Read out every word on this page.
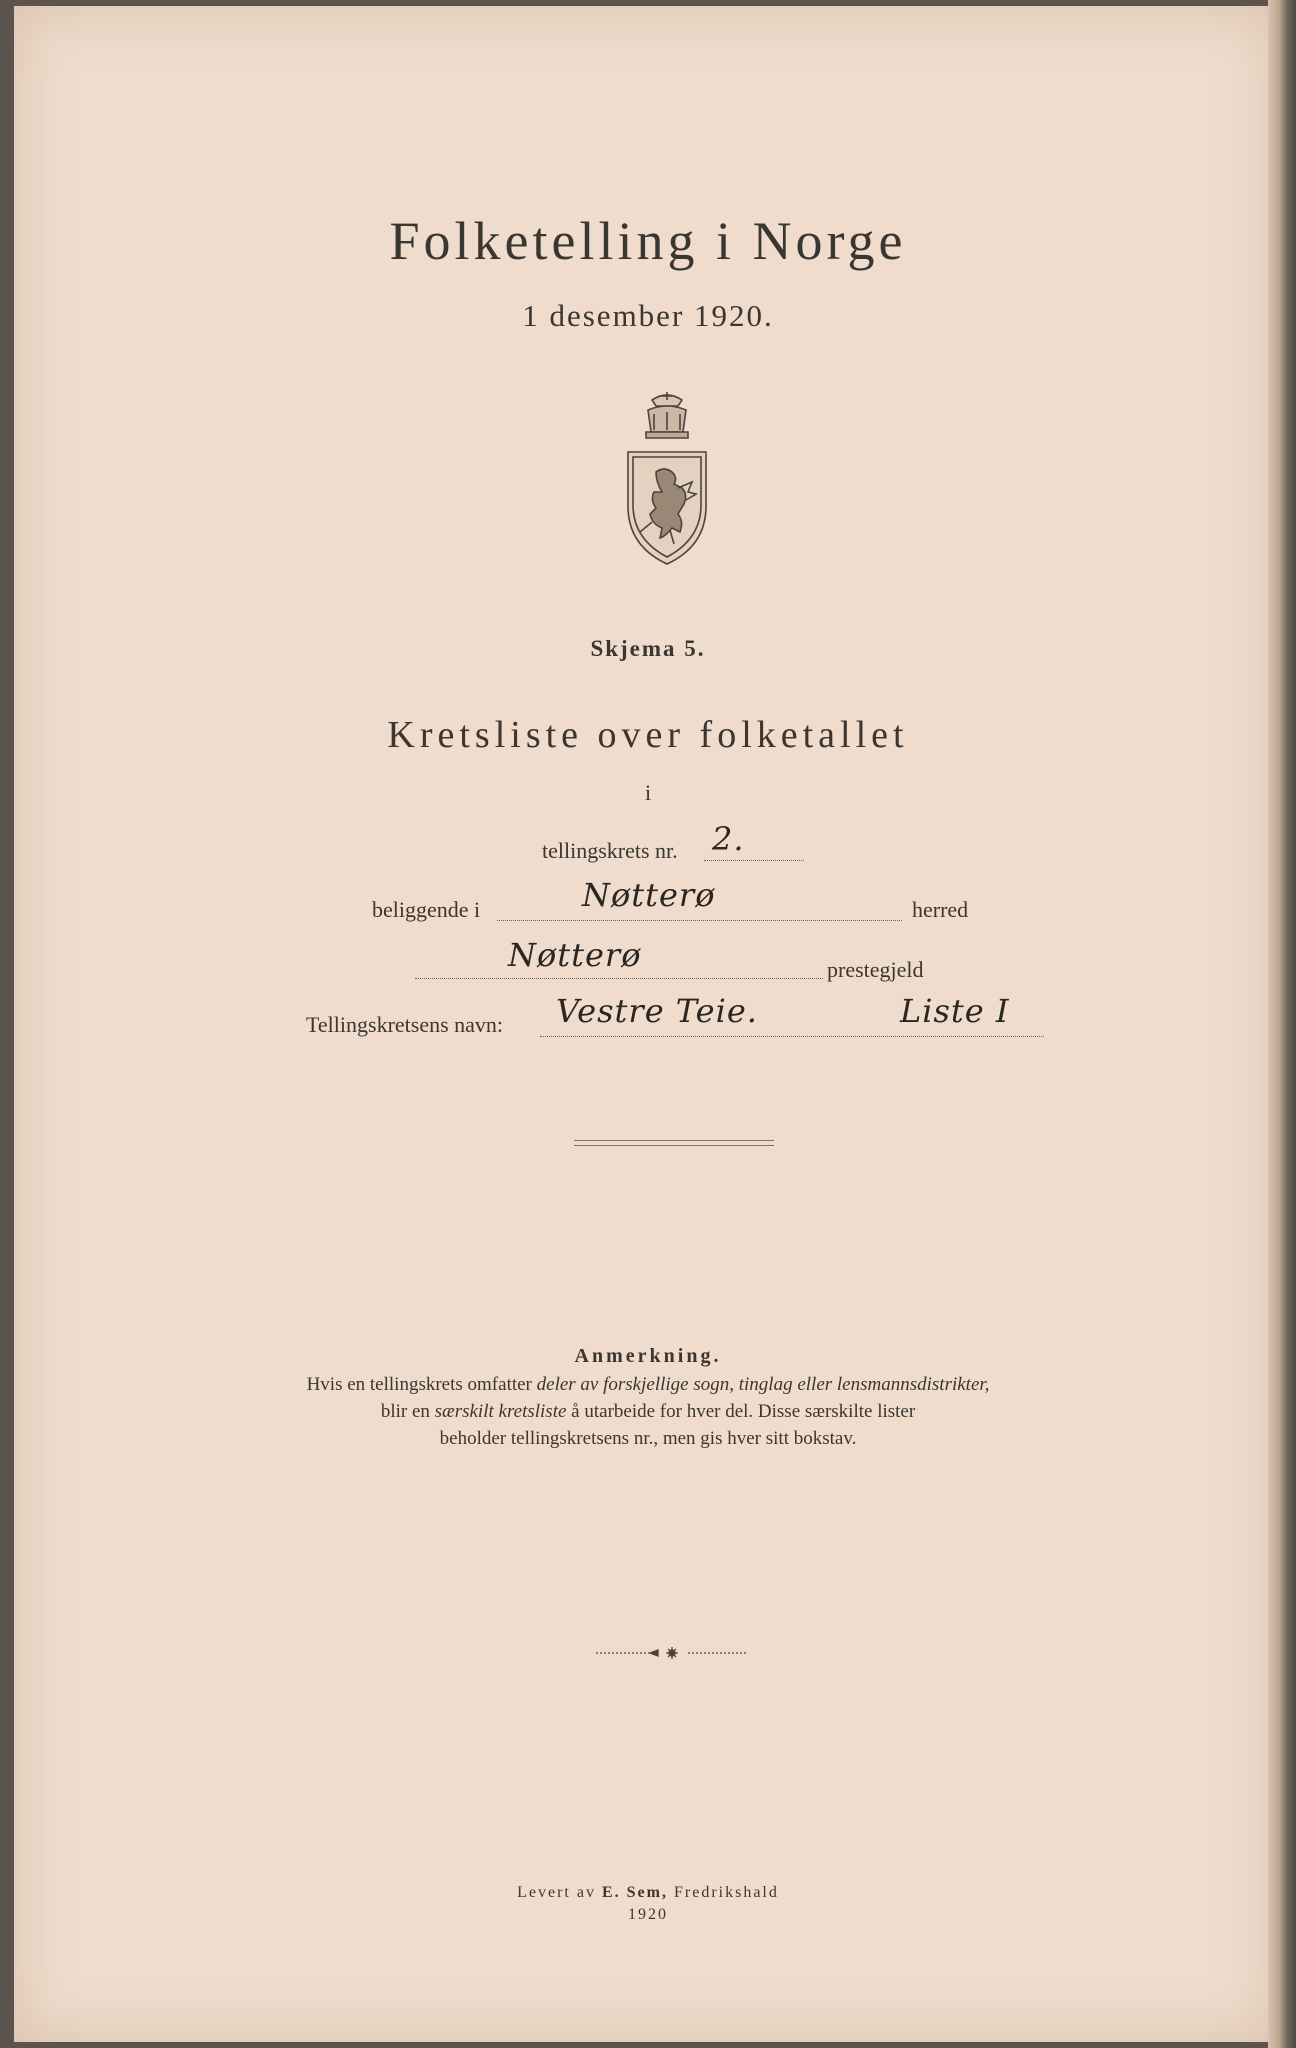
Folketelling i Norge
1 desember 1920.
Skjema 5.
Kretsliste over folketallet
i
tellingskrets nr. 2.
beliggende i	Nøtterø	herred
Nøtterø	prestegjeld
Tellingskretsens navn: Vestre Teie.	Liste I
Anmerkning.
Hvis en tellingskrets omfatter deler av forskjellige sogn, tinglag eller lensmannsdistrikter,
blir en særskilt kretsliste å utarbeide for hver del. Disse særskilte lister
beholder tellingskretsens nr., men gis hver sitt bokstav.
Levert av E. Sem, Fredrikshald
1920
